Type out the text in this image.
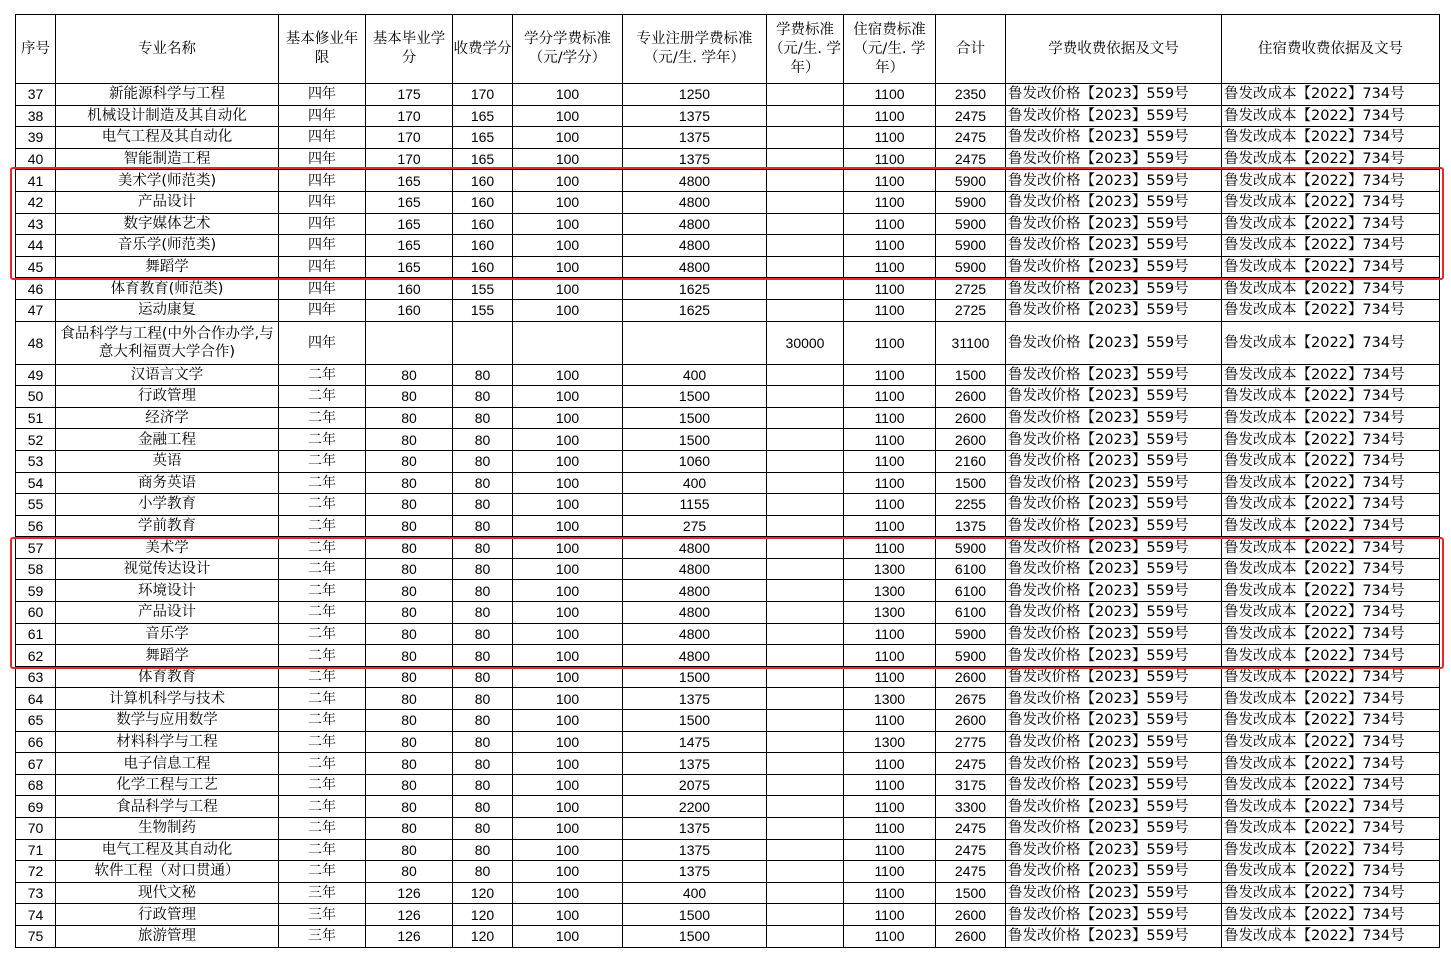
序号	专业名称	基本修业年限	基本毕业学分	收费学分	学分学费标准（元/学分）	专业注册学费标准（元/生. 学年）	学费标准（元/生. 学年）	住宿费标准（元/生. 学年）	合计	学费收费依据及文号	住宿费收费依据及文号
37	新能源科学与工程	四年	175	170	100	1250		1100	2350	鲁发改价格【2023】559号	鲁发改成本【2022】734号
38	机械设计制造及其自动化	四年	170	165	100	1375		1100	2475	鲁发改价格【2023】559号	鲁发改成本【2022】734号
39	电气工程及其自动化	四年	170	165	100	1375		1100	2475	鲁发改价格【2023】559号	鲁发改成本【2022】734号
40	智能制造工程	四年	170	165	100	1375		1100	2475	鲁发改价格【2023】559号	鲁发改成本【2022】734号
41	美术学(师范类)	四年	165	160	100	4800		1100	5900	鲁发改价格【2023】559号	鲁发改成本【2022】734号
42	产品设计	四年	165	160	100	4800		1100	5900	鲁发改价格【2023】559号	鲁发改成本【2022】734号
43	数字媒体艺术	四年	165	160	100	4800		1100	5900	鲁发改价格【2023】559号	鲁发改成本【2022】734号
44	音乐学(师范类)	四年	165	160	100	4800		1100	5900	鲁发改价格【2023】559号	鲁发改成本【2022】734号
45	舞蹈学	四年	165	160	100	4800		1100	5900	鲁发改价格【2023】559号	鲁发改成本【2022】734号
46	体育教育(师范类)	四年	160	155	100	1625		1100	2725	鲁发改价格【2023】559号	鲁发改成本【2022】734号
47	运动康复	四年	160	155	100	1625		1100	2725	鲁发改价格【2023】559号	鲁发改成本【2022】734号
48	食品科学与工程(中外合作办学,与意大利福贾大学合作)	四年					30000	1100	31100	鲁发改价格【2023】559号	鲁发改成本【2022】734号
49	汉语言文学	二年	80	80	100	400		1100	1500	鲁发改价格【2023】559号	鲁发改成本【2022】734号
50	行政管理	二年	80	80	100	1500		1100	2600	鲁发改价格【2023】559号	鲁发改成本【2022】734号
51	经济学	二年	80	80	100	1500		1100	2600	鲁发改价格【2023】559号	鲁发改成本【2022】734号
52	金融工程	二年	80	80	100	1500		1100	2600	鲁发改价格【2023】559号	鲁发改成本【2022】734号
53	英语	二年	80	80	100	1060		1100	2160	鲁发改价格【2023】559号	鲁发改成本【2022】734号
54	商务英语	二年	80	80	100	400		1100	1500	鲁发改价格【2023】559号	鲁发改成本【2022】734号
55	小学教育	二年	80	80	100	1155		1100	2255	鲁发改价格【2023】559号	鲁发改成本【2022】734号
56	学前教育	二年	80	80	100	275		1100	1375	鲁发改价格【2023】559号	鲁发改成本【2022】734号
57	美术学	二年	80	80	100	4800		1100	5900	鲁发改价格【2023】559号	鲁发改成本【2022】734号
58	视觉传达设计	二年	80	80	100	4800		1300	6100	鲁发改价格【2023】559号	鲁发改成本【2022】734号
59	环境设计	二年	80	80	100	4800		1300	6100	鲁发改价格【2023】559号	鲁发改成本【2022】734号
60	产品设计	二年	80	80	100	4800		1300	6100	鲁发改价格【2023】559号	鲁发改成本【2022】734号
61	音乐学	二年	80	80	100	4800		1100	5900	鲁发改价格【2023】559号	鲁发改成本【2022】734号
62	舞蹈学	二年	80	80	100	4800		1100	5900	鲁发改价格【2023】559号	鲁发改成本【2022】734号
63	体育教育	二年	80	80	100	1500		1100	2600	鲁发改价格【2023】559号	鲁发改成本【2022】734号
64	计算机科学与技术	二年	80	80	100	1375		1300	2675	鲁发改价格【2023】559号	鲁发改成本【2022】734号
65	数学与应用数学	二年	80	80	100	1500		1100	2600	鲁发改价格【2023】559号	鲁发改成本【2022】734号
66	材料科学与工程	二年	80	80	100	1475		1300	2775	鲁发改价格【2023】559号	鲁发改成本【2022】734号
67	电子信息工程	二年	80	80	100	1375		1100	2475	鲁发改价格【2023】559号	鲁发改成本【2022】734号
68	化学工程与工艺	二年	80	80	100	2075		1100	3175	鲁发改价格【2023】559号	鲁发改成本【2022】734号
69	食品科学与工程	二年	80	80	100	2200		1100	3300	鲁发改价格【2023】559号	鲁发改成本【2022】734号
70	生物制药	二年	80	80	100	1375		1100	2475	鲁发改价格【2023】559号	鲁发改成本【2022】734号
71	电气工程及其自动化	二年	80	80	100	1375		1100	2475	鲁发改价格【2023】559号	鲁发改成本【2022】734号
72	软件工程（对口贯通）	二年	80	80	100	1375		1100	2475	鲁发改价格【2023】559号	鲁发改成本【2022】734号
73	现代文秘	三年	126	120	100	400		1100	1500	鲁发改价格【2023】559号	鲁发改成本【2022】734号
74	行政管理	三年	126	120	100	1500		1100	2600	鲁发改价格【2023】559号	鲁发改成本【2022】734号
75	旅游管理	三年	126	120	100	1500		1100	2600	鲁发改价格【2023】559号	鲁发改成本【2022】734号
